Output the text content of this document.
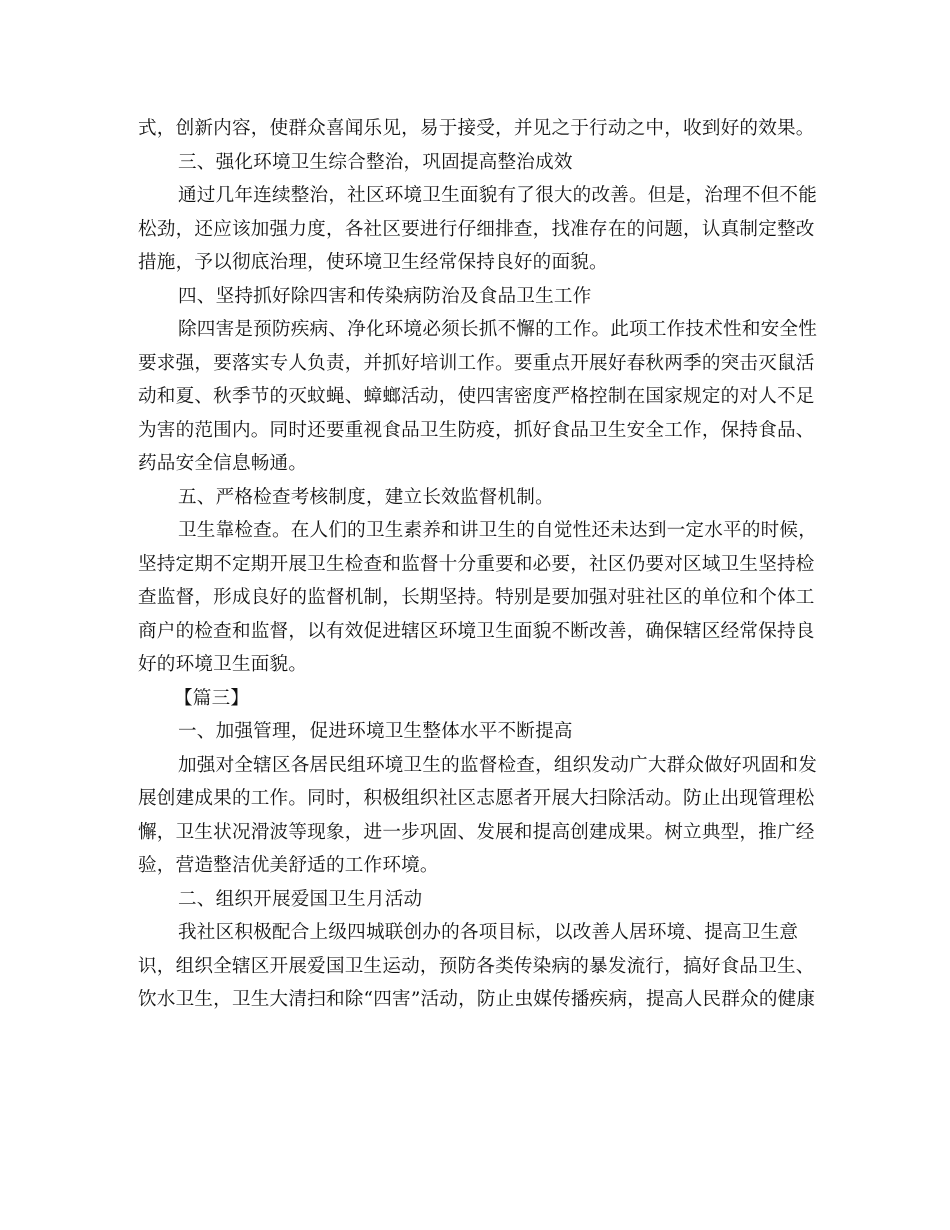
式，创新内容，使群众喜闻乐见，易于接受，并见之于行动之中，收到好的效果。
三、强化环境卫生综合整治，巩固提高整治成效
通过几年连续整治，社区环境卫生面貌有了很大的改善。但是，治理不但不能
松劲，还应该加强力度，各社区要进行仔细排查，找准存在的问题，认真制定整改
措施，予以彻底治理，使环境卫生经常保持良好的面貌。
四、坚持抓好除四害和传染病防治及食品卫生工作
除四害是预防疾病、净化环境必须长抓不懈的工作。此项工作技术性和安全性
要求强，要落实专人负责，并抓好培训工作。要重点开展好春秋两季的突击灭鼠活
动和夏、秋季节的灭蚊蝇、蟑螂活动，使四害密度严格控制在国家规定的对人不足
为害的范围内。同时还要重视食品卫生防疫，抓好食品卫生安全工作，保持食品、
药品安全信息畅通。
五、严格检查考核制度，建立长效监督机制。
卫生靠检查。在人们的卫生素养和讲卫生的自觉性还未达到一定水平的时候，
坚持定期不定期开展卫生检查和监督十分重要和必要，社区仍要对区域卫生坚持检
查监督，形成良好的监督机制，长期坚持。特别是要加强对驻社区的单位和个体工
商户的检查和监督，以有效促进辖区环境卫生面貌不断改善，确保辖区经常保持良
好的环境卫生面貌。
【篇三】
一、加强管理，促进环境卫生整体水平不断提高
加强对全辖区各居民组环境卫生的监督检查，组织发动广大群众做好巩固和发
展创建成果的工作。同时，积极组织社区志愿者开展大扫除活动。防止出现管理松
懈，卫生状况滑波等现象，进一步巩固、发展和提高创建成果。树立典型，推广经
验，营造整洁优美舒适的工作环境。
二、组织开展爱国卫生月活动
我社区积极配合上级四城联创办的各项目标，以改善人居环境、提高卫生意
识，组织全辖区开展爱国卫生运动，预防各类传染病的暴发流行，搞好食品卫生、
饮水卫生，卫生大清扫和除“四害”活动，防止虫媒传播疾病，提高人民群众的健康
